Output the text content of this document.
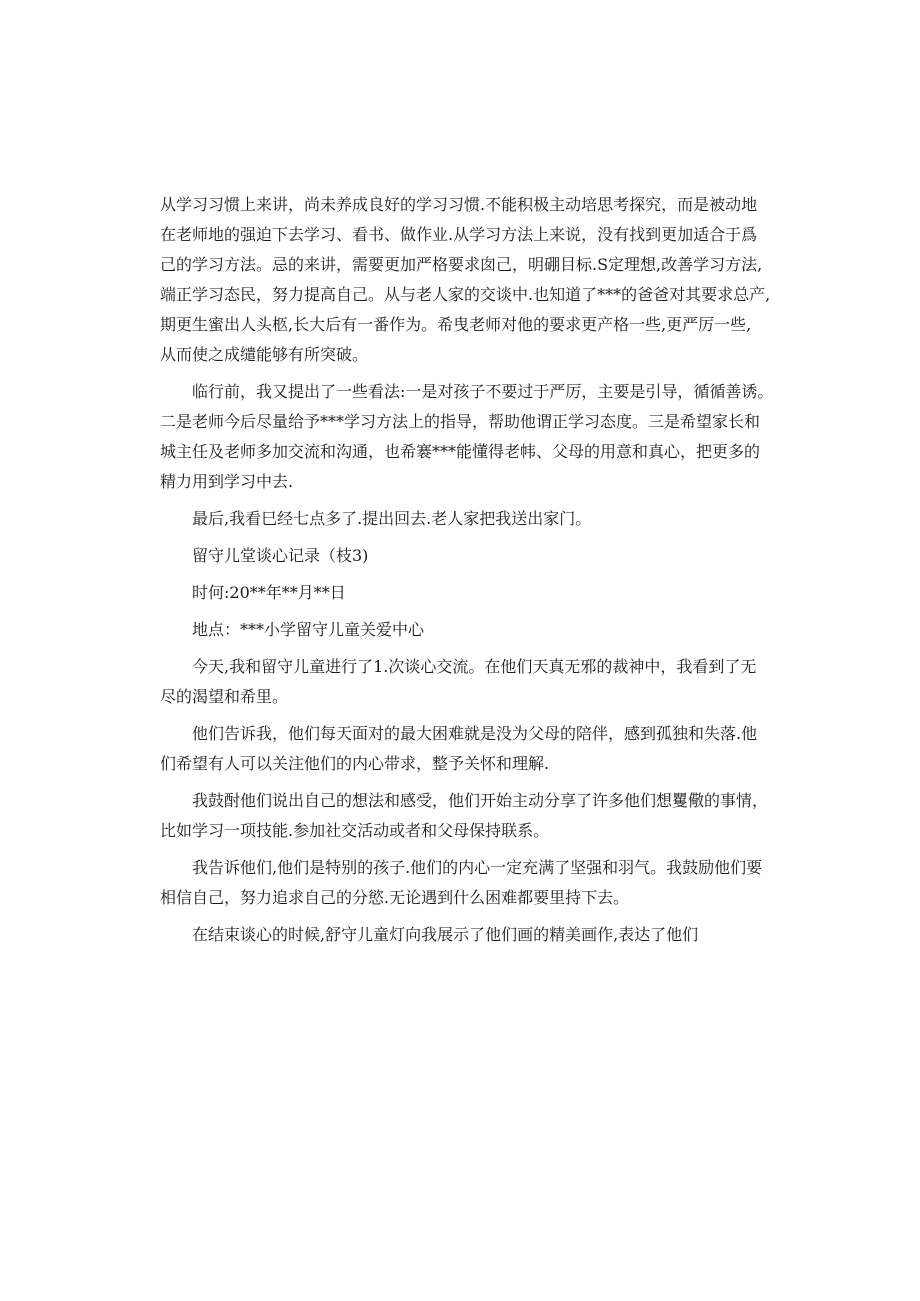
从学习习惯上来讲，尚未养成良好的学习习惯.不能积极主动培思考探究，而是被动地
在老师地的强迫下去学习、看书、做作业.从学习方法上来说，没有找到更加适合于爲
己的学习方法。忌的来讲，需要更加严格要求囱己，明硼目标.S定理想,改善学习方法,
端正学习态民，努力提高自己。从与老人家的交谈中.也知道了***的爸爸对其要求总产,
期更生蜜出人头柩,长大后有一番作为。希曳老师对他的要求更产格一些,更严厉一些,
从而使之成缱能够有所突破。
临行前，我又提出了一些看法:一是对孩子不要过于严厉，主要是引导，循循善诱。
二是老师今后尽量给予***学习方法上的指导，帮助他谓正学习态度。三是希望家长和
城主任及老师多加交流和沟通，也希褰***能懂得老帏、父母的用意和真心，把更多的
精力用到学习中去.
最后,我看巳经七点多了.提出回去.老人家把我送出家门。
留守儿堂谈心记录（枝3)
时何:20**年**月**日
地点：***小学留守儿童关爱中心
今天,我和留守儿童进行了1.次谈心交流。在他们天真无邪的裁神中，我看到了无
尽的渴望和希里。
他们告诉我，他们每天面对的最大困难就是没为父母的陪伴，感到孤独和失落.他
们希望有人可以关注他们的内心带求，整予关怀和理解.
我鼓酎他们说出自己的想法和感受，他们开始主动分享了许多他们想矍儆的事情，
比如学习一项技能.参加社交活动或者和父母保持联系。
我告诉他们,他们是特别的孩子.他们的内心一定充满了坚强和羽气。我鼓励他们要
相信自己，努力追求自己的分慾.无论遇到什么困难都要里持下去。
在结束谈心的时候,舒守儿童灯向我展示了他们画的精美画作,表达了他们
